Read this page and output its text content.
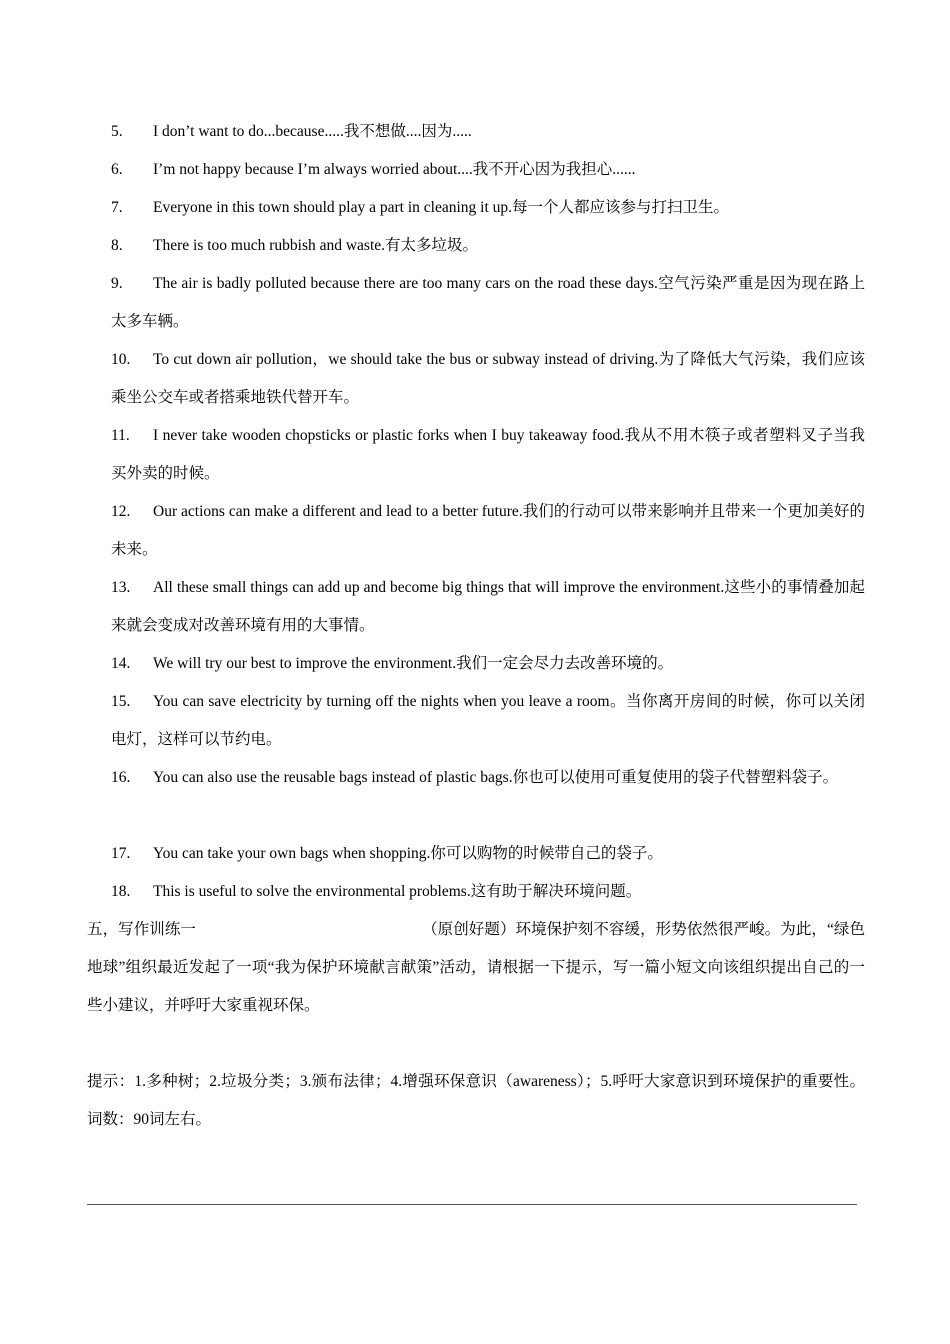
5. I don’t want to do...because.....我不想做....因为.....

6. I’m not happy because I’m always worried about....我不开心因为我担心......

7. Everyone in this town should play a part in cleaning it up.每一个人都应该参与打扫卫生。

8. There is too much rubbish and waste.有太多垃圾。

9. The air is badly polluted because there are too many cars on the road these days.空气污染严重是因为现在路上太多车辆。

10. To cut down air pollution，we should take the bus or subway instead of driving.为了降低大气污染，我们应该乘坐公交车或者搭乘地铁代替开车。

11. I never take wooden chopsticks or plastic forks when I buy takeaway food.我从不用木筷子或者塑料叉子当我买外卖的时候。

12. Our actions can make a different and lead to a better future.我们的行动可以带来影响并且带来一个更加美好的未来。

13. All these small things can add up and become big things that will improve the environment.这些小的事情叠加起来就会变成对改善环境有用的大事情。

14. We will try our best to improve the environment.我们一定会尽力去改善环境的。

15. You can save electricity by turning off the nights when you leave a room。当你离开房间的时候，你可以关闭电灯，这样可以节约电。

16. You can also use the reusable bags instead of plastic bags.你也可以使用可重复使用的袋子代替塑料袋子。

17. You can take your own bags when shopping.你可以购物的时候带自己的袋子。

18. This is useful to solve the environmental problems.这有助于解决环境问题。

五，写作训练一	（原创好题）环境保护刻不容缓，形势依然很严峻。为此，“绿色地球”组织最近发起了一项“我为保护环境献言献策”活动，请根据一下提示，写一篇小短文向该组织提出自己的一些小建议，并呼吁大家重视环保。

提示：1.多种树；2.垃圾分类；3.颁布法律；4.增强环保意识（awareness）；5.呼吁大家意识到环境保护的重要性。词数：90词左右。
